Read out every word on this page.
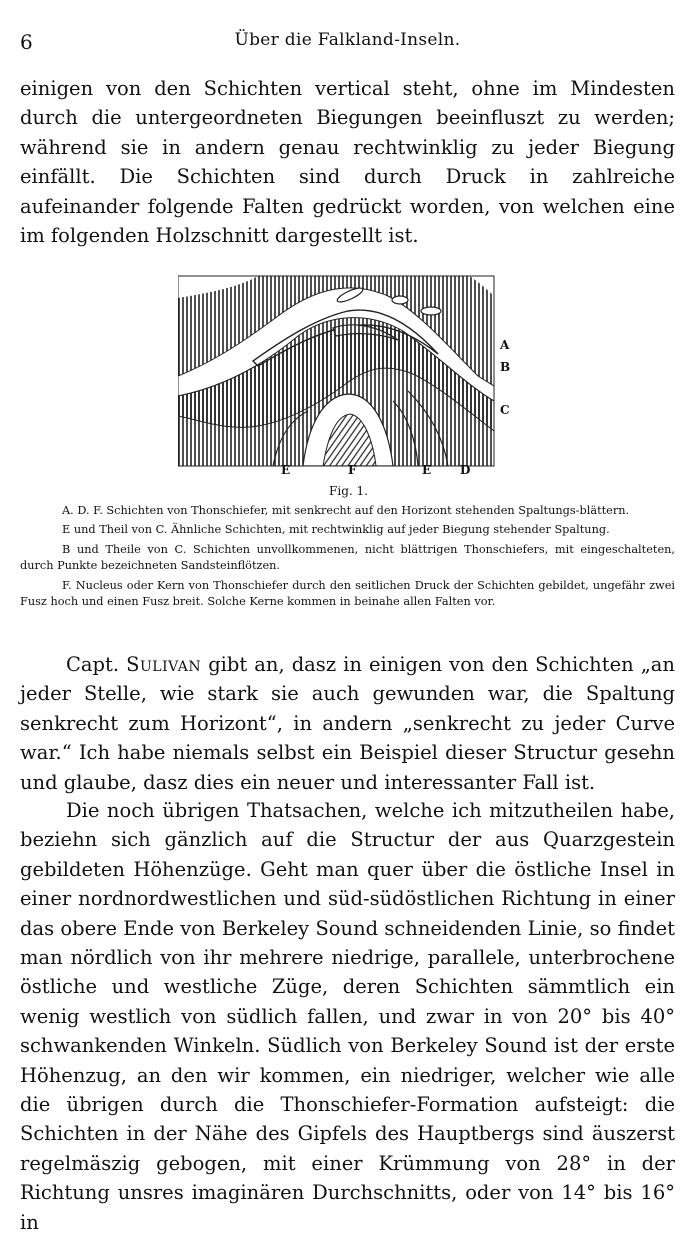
6	Über die Falkland-Inseln.

einigen von den Schichten vertical steht, ohne im Mindesten durch die untergeordneten Biegungen beeinfluszt zu werden; während sie in andern genau rechtwinklig zu jeder Biegung einfällt. Die Schichten sind durch Druck in zahlreiche aufeinander folgende Falten gedrückt worden, von welchen eine im folgenden Holzschnitt dargestellt ist.

A
B
C
E	F	E D
Fig. 1.

A. D. F. Schichten von Thonschiefer, mit senkrecht auf den Horizont stehenden Spaltungs-blättern.

E und Theil von C. Ähnliche Schichten, mit rechtwinklig auf jeder Biegung stehender Spaltung.

B und Theile von C. Schichten unvollkommenen, nicht blättrigen Thonschiefers, mit eingeschalteten, durch Punkte bezeichneten Sandsteinflötzen.

F. Nucleus oder Kern von Thonschiefer durch den seitlichen Druck der Schichten gebildet, ungefähr zwei Fusz hoch und einen Fusz breit. Solche Kerne kommen in beinahe allen Falten vor.

Capt. Sulivan gibt an, dasz in einigen von den Schichten „an jeder Stelle, wie stark sie auch gewunden war, die Spaltung senkrecht zum Horizont“, in andern „senkrecht zu jeder Curve war.“ Ich habe niemals selbst ein Beispiel dieser Structur gesehn und glaube, dasz dies ein neuer und interessanter Fall ist.

Die noch übrigen Thatsachen, welche ich mitzutheilen habe, beziehn sich gänzlich auf die Structur der aus Quarzgestein gebildeten Höhenzüge. Geht man quer über die östliche Insel in einer nordnordwestlichen und süd-südöstlichen Richtung in einer das obere Ende von Berkeley Sound schneidenden Linie, so findet man nördlich von ihr mehrere niedrige, parallele, unterbrochene östliche und westliche Züge, deren Schichten sämmtlich ein wenig westlich von südlich fallen, und zwar in von 20° bis 40° schwankenden Winkeln. Südlich von Berkeley Sound ist der erste Höhenzug, an den wir kommen, ein niedriger, welcher wie alle die übrigen durch die Thonschiefer-Formation aufsteigt: die Schichten in der Nähe des Gipfels des Hauptbergs sind äuszerst regelmäszig gebogen, mit einer Krümmung von 28° in der Richtung unsres imaginären Durchschnitts, oder von 14° bis 16° in
